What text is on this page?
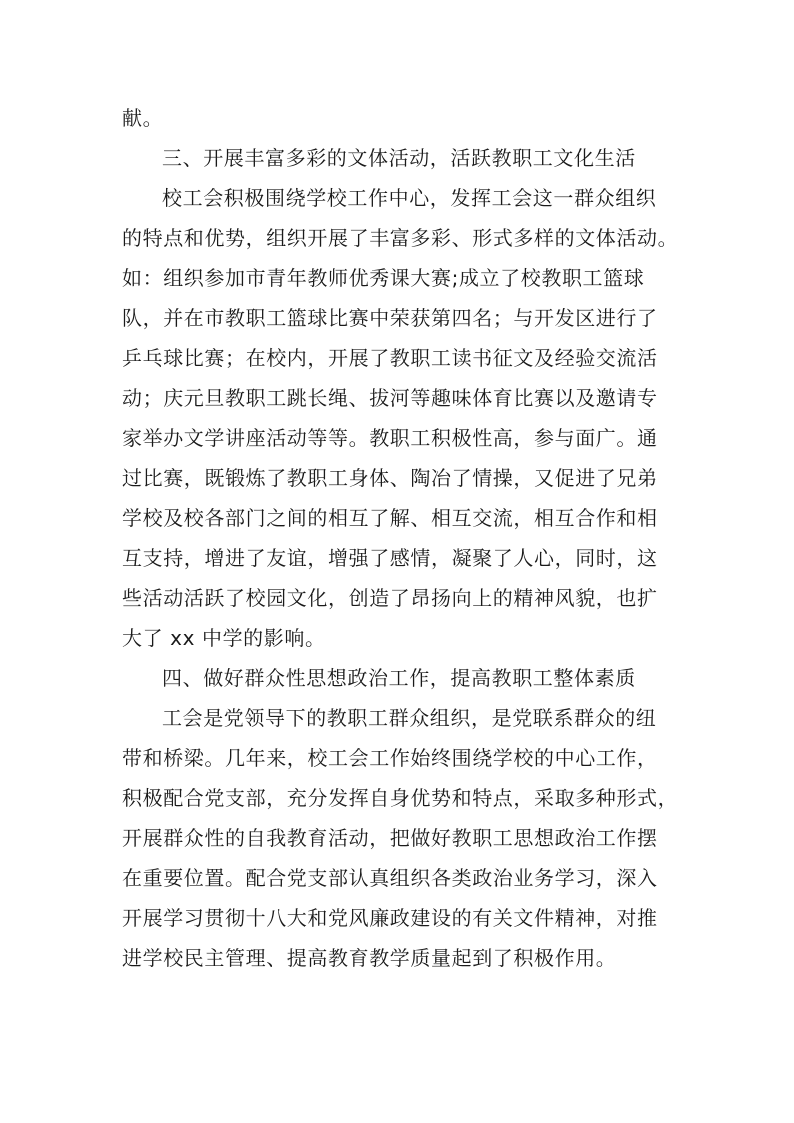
献。
三、开展丰富多彩的文体活动，活跃教职工文化生活
校工会积极围绕学校工作中心，发挥工会这一群众组织
的特点和优势，组织开展了丰富多彩、形式多样的文体活动。
如：组织参加市青年教师优秀课大赛;成立了校教职工篮球
队，并在市教职工篮球比赛中荣获第四名；与开发区进行了
乒乓球比赛；在校内，开展了教职工读书征文及经验交流活
动；庆元旦教职工跳长绳、拔河等趣味体育比赛以及邀请专
家举办文学讲座活动等等。教职工积极性高，参与面广。通
过比赛，既锻炼了教职工身体、陶冶了情操，又促进了兄弟
学校及校各部门之间的相互了解、相互交流，相互合作和相
互支持，增进了友谊，增强了感情，凝聚了人心，同时，这
些活动活跃了校园文化，创造了昂扬向上的精神风貌，也扩
大了 xx 中学的影响。
四、做好群众性思想政治工作，提高教职工整体素质
工会是党领导下的教职工群众组织，是党联系群众的纽
带和桥梁。几年来，校工会工作始终围绕学校的中心工作，
积极配合党支部，充分发挥自身优势和特点，采取多种形式，
开展群众性的自我教育活动，把做好教职工思想政治工作摆
在重要位置。配合党支部认真组织各类政治业务学习，深入
开展学习贯彻十八大和党风廉政建设的有关文件精神，对推
进学校民主管理、提高教育教学质量起到了积极作用。
